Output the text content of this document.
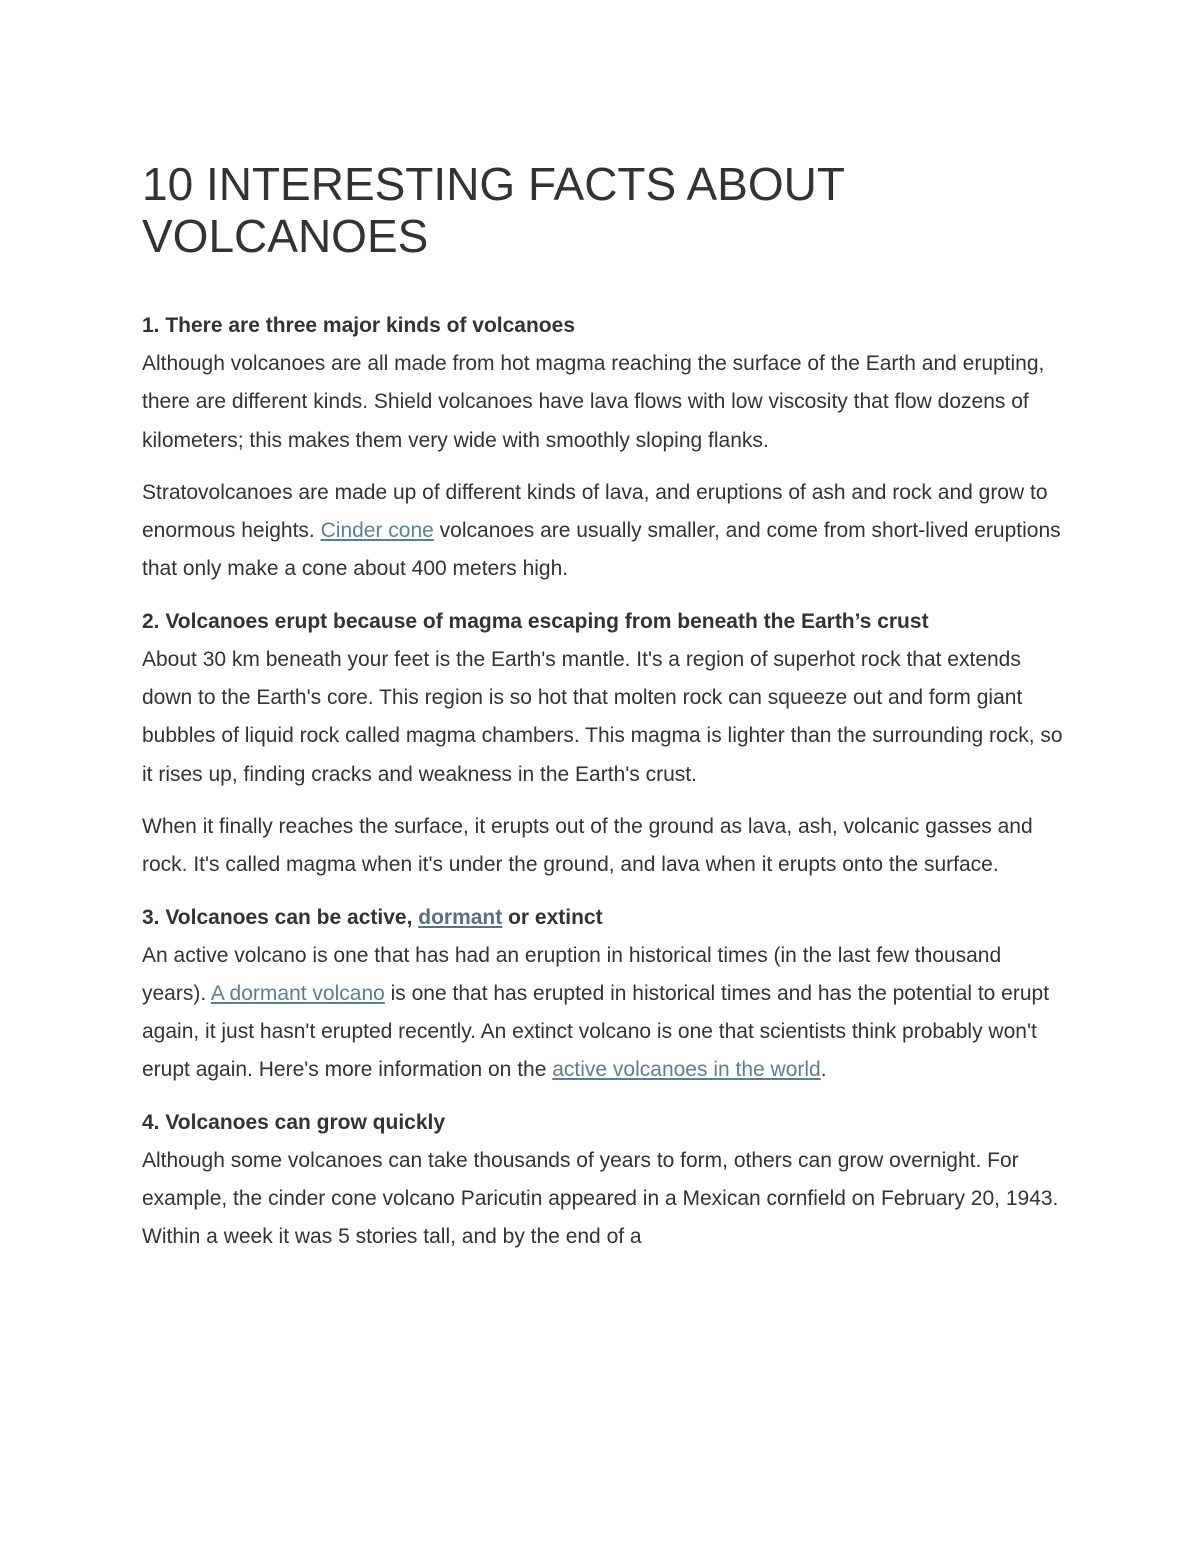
10 INTERESTING FACTS ABOUT VOLCANOES

1. There are three major kinds of volcanoes

Although volcanoes are all made from hot magma reaching the surface of the Earth and erupting, there are different kinds. Shield volcanoes have lava flows with low viscosity that flow dozens of kilometers; this makes them very wide with smoothly sloping flanks.

Stratovolcanoes are made up of different kinds of lava, and eruptions of ash and rock and grow to enormous heights. Cinder cone volcanoes are usually smaller, and come from short-lived eruptions that only make a cone about 400 meters high.

2. Volcanoes erupt because of magma escaping from beneath the Earth’s crust

About 30 km beneath your feet is the Earth's mantle. It's a region of superhot rock that extends down to the Earth's core. This region is so hot that molten rock can squeeze out and form giant bubbles of liquid rock called magma chambers. This magma is lighter than the surrounding rock, so it rises up, finding cracks and weakness in the Earth's crust.

When it finally reaches the surface, it erupts out of the ground as lava, ash, volcanic gasses and rock. It's called magma when it's under the ground, and lava when it erupts onto the surface.

3. Volcanoes can be active, dormant or extinct

An active volcano is one that has had an eruption in historical times (in the last few thousand years). A dormant volcano is one that has erupted in historical times and has the potential to erupt again, it just hasn't erupted recently. An extinct volcano is one that scientists think probably won't erupt again. Here's more information on the active volcanoes in the world.

4. Volcanoes can grow quickly

Although some volcanoes can take thousands of years to form, others can grow overnight. For example, the cinder cone volcano Paricutin appeared in a Mexican cornfield on February 20, 1943. Within a week it was 5 stories tall, and by the end of a
